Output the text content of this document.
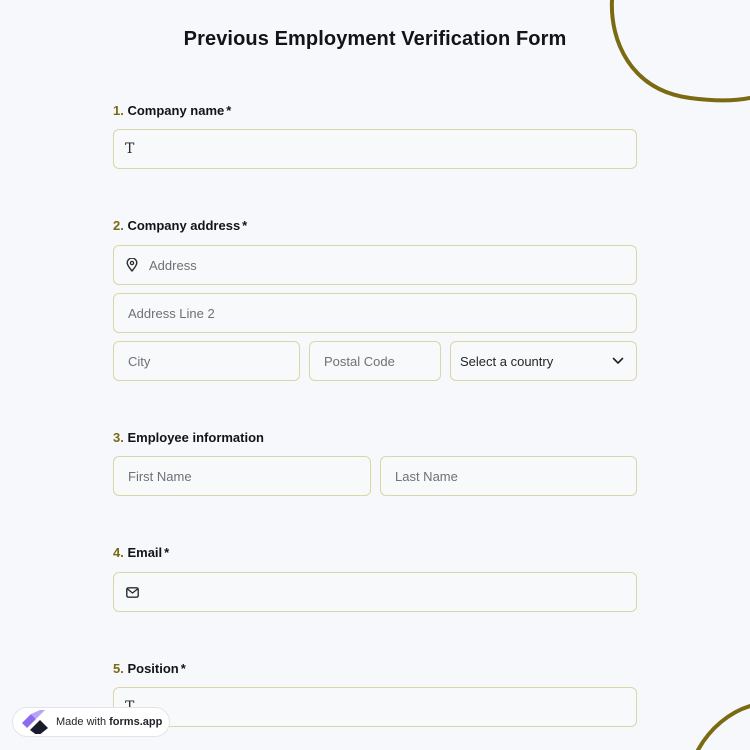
Previous Employment Verification Form
1. Company name *
T
2. Company address *
Address
Address Line 2
City	Postal Code	Select a country
3. Employee information
First Name	Last Name
4. Email *
5. Position *
Made with forms.app
